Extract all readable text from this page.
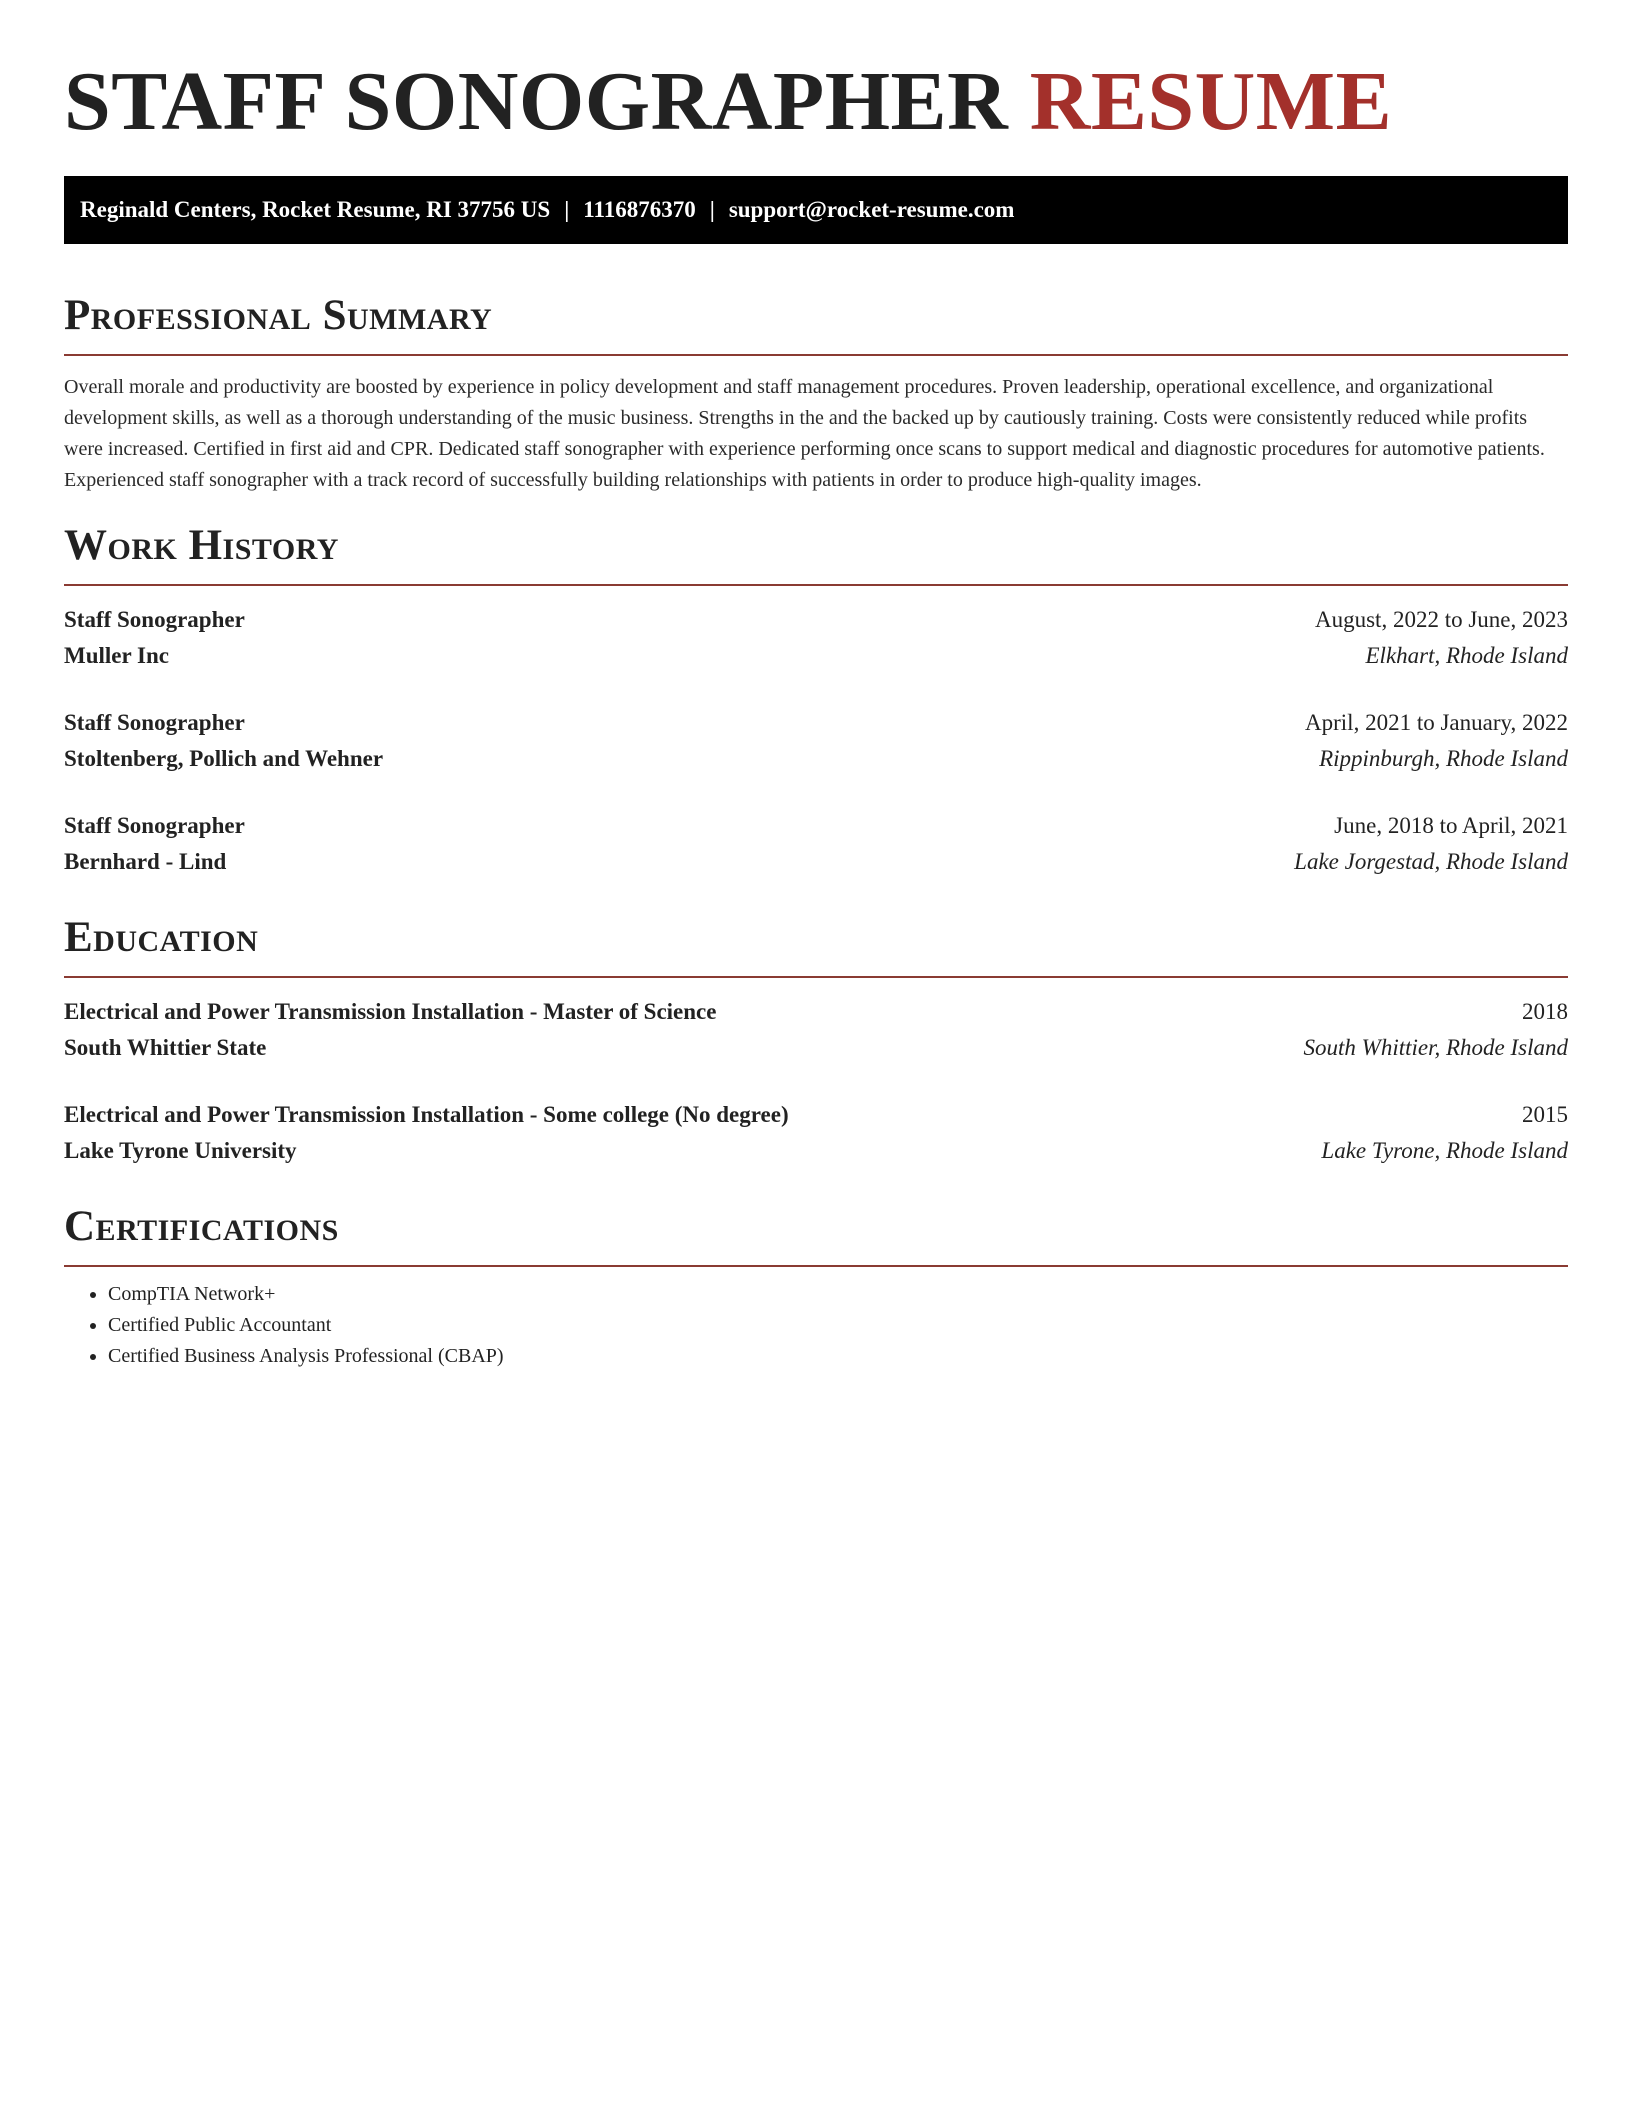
STAFF SONOGRAPHER RESUME
Reginald Centers, Rocket Resume, RI 37756 US | 1116876370 | support@rocket-resume.com
Professional Summary

Overall morale and productivity are boosted by experience in policy development and staff management procedures. Proven leadership, operational excellence, and organizational development skills, as well as a thorough understanding of the music business. Strengths in the and the backed up by cautiously training. Costs were consistently reduced while profits were increased. Certified in first aid and CPR. Dedicated staff sonographer with experience performing once scans to support medical and diagnostic procedures for automotive patients. Experienced staff sonographer with a track record of successfully building relationships with patients in order to produce high-quality images.

Work History
Staff Sonographer	August, 2022 to June, 2023
Muller Inc	Elkhart, Rhode Island
Staff Sonographer	April, 2021 to January, 2022
Stoltenberg, Pollich and Wehner	Rippinburgh, Rhode Island
Staff Sonographer	June, 2018 to April, 2021
Bernhard - Lind	Lake Jorgestad, Rhode Island
Education
Electrical and Power Transmission Installation - Master of Science	2018
South Whittier State	South Whittier, Rhode Island
Electrical and Power Transmission Installation - Some college (No degree)	2015
Lake Tyrone University	Lake Tyrone, Rhode Island
Certifications
• CompTIA Network+
• Certified Public Accountant
• Certified Business Analysis Professional (CBAP)
